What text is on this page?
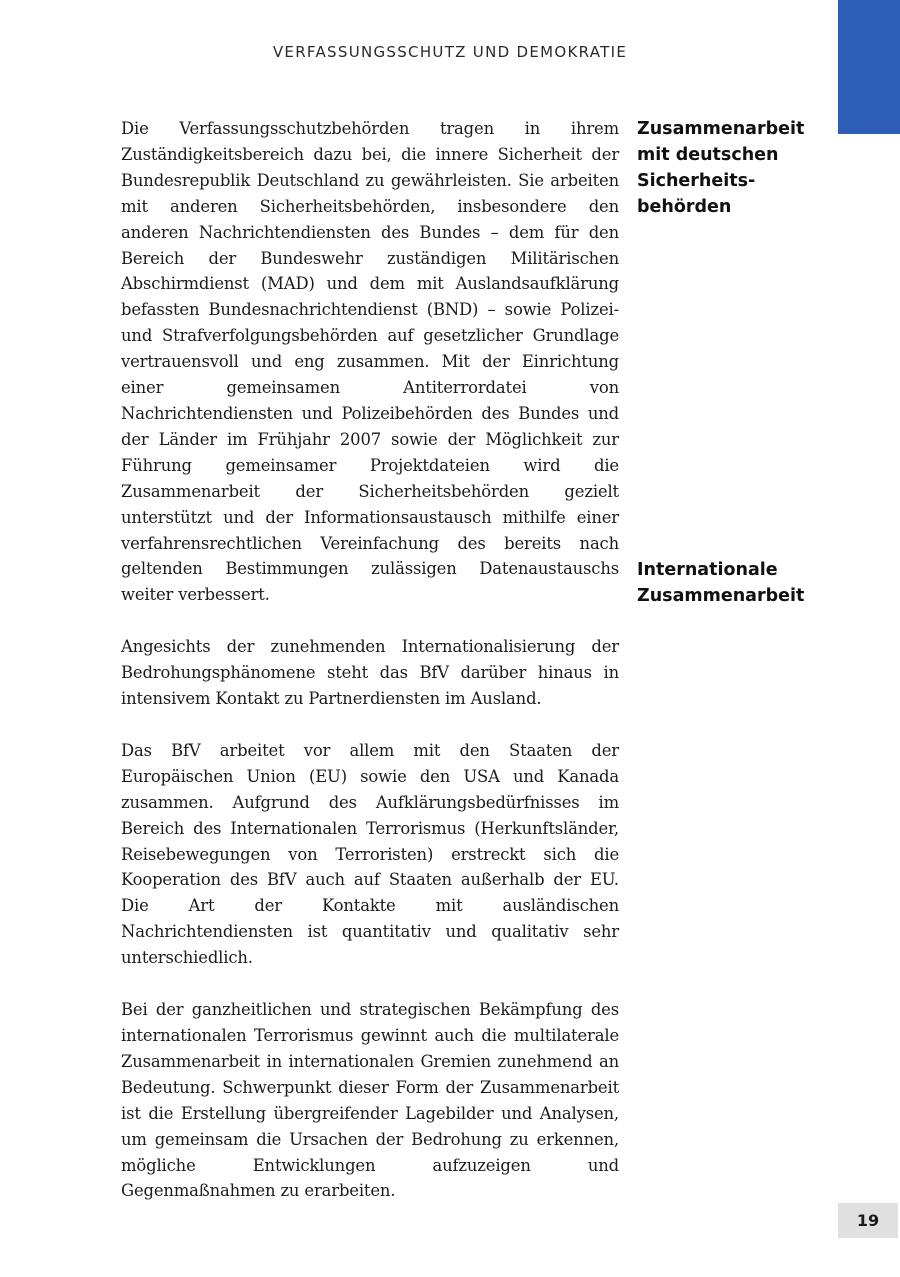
VERFASSUNGSSCHUTZ UND DEMOKRATIE

Die Verfassungsschutzbehörden tragen in ihrem Zuständigkeitsbereich dazu bei, die innere Sicherheit der Bundesrepublik Deutschland zu gewährleisten. Sie arbeiten mit anderen Sicherheitsbehörden, insbesondere den anderen Nachrichtendiensten des Bundes – dem für den Bereich der Bundeswehr zuständigen Militärischen Abschirmdienst (MAD) und dem mit Auslandsaufklärung befassten Bundesnachrichtendienst (BND) – sowie Polizei- und Strafverfolgungsbehörden auf gesetzlicher Grundlage vertrauensvoll und eng zusammen. Mit der Einrichtung einer gemeinsamen Antiterrordatei von Nachrichtendiensten und Polizeibehörden des Bundes und der Länder im Frühjahr 2007 sowie der Möglichkeit zur Führung gemeinsamer Projektdateien wird die Zusammenarbeit der Sicherheitsbehörden gezielt unterstützt und der Informationsaustausch mithilfe einer verfahrensrechtlichen Vereinfachung des bereits nach geltenden Bestimmungen zulässigen Datenaustauschs weiter verbessert.

Angesichts der zunehmenden Internationalisierung der Bedrohungsphänomene steht das BfV darüber hinaus in intensivem Kontakt zu Partnerdiensten im Ausland.

Das BfV arbeitet vor allem mit den Staaten der Europäischen Union (EU) sowie den USA und Kanada zusammen. Aufgrund des Aufklärungsbedürfnisses im Bereich des Internationalen Terrorismus (Herkunftsländer, Reisebewegungen von Terroristen) erstreckt sich die Kooperation des BfV auch auf Staaten außerhalb der EU. Die Art der Kontakte mit ausländischen Nachrichtendiensten ist quantitativ und qualitativ sehr unterschiedlich.

Bei der ganzheitlichen und strategischen Bekämpfung des internationalen Terrorismus gewinnt auch die multilaterale Zusammenarbeit in internationalen Gremien zunehmend an Bedeutung. Schwerpunkt dieser Form der Zusammenarbeit ist die Erstellung übergreifender Lagebilder und Analysen, um gemeinsam die Ursachen der Bedrohung zu erkennen, mögliche Entwicklungen aufzuzeigen und Gegenmaßnahmen zu erarbeiten.

Zusammenarbeit mit deutschen Sicherheitsbehörden
Internationale Zusammenarbeit
19
